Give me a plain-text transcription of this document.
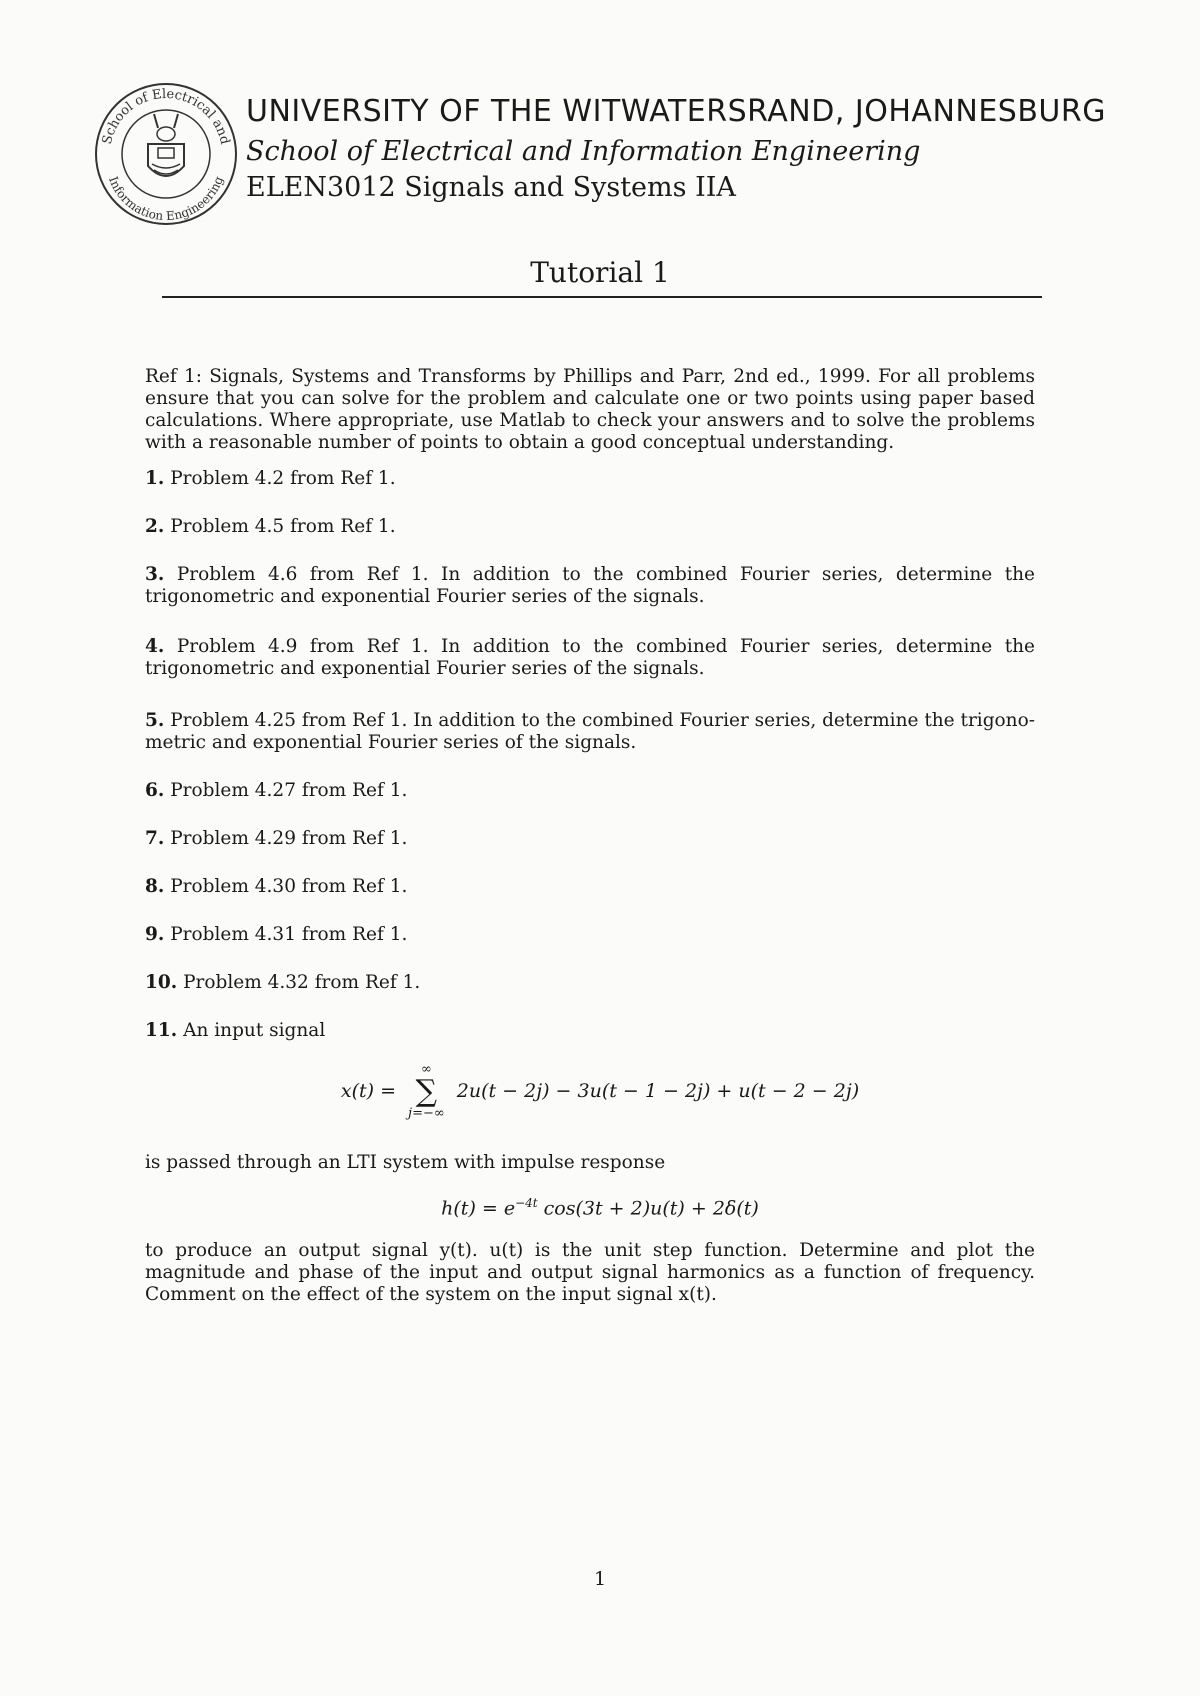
School of Electrical and
Information Engineering
UNIVERSITY OF THE WITWATERSRAND, JOHANNESBURG
School of Electrical and Information Engineering
ELEN3012 Signals and Systems IIA
Tutorial 1
Ref 1: Signals, Systems and Transforms by Phillips and Parr, 2nd ed., 1999. For all problems ensure that you can solve for the problem and calculate one or two points using paper based calculations. Where appropriate, use Matlab to check your answers and to solve the problems with a reasonable number of points to obtain a good conceptual understanding.
1. Problem 4.2 from Ref 1.
2. Problem 4.5 from Ref 1.
3. Problem 4.6 from Ref 1. In addition to the combined Fourier series, determine the trigonometric and exponential Fourier series of the signals.
4. Problem 4.9 from Ref 1. In addition to the combined Fourier series, determine the trigonometric and exponential Fourier series of the signals.
5. Problem 4.25 from Ref 1. In addition to the combined Fourier series, determine the trigono-metric and exponential Fourier series of the signals.
6. Problem 4.27 from Ref 1.
7. Problem 4.29 from Ref 1.
8. Problem 4.30 from Ref 1.
9. Problem 4.31 from Ref 1.
10. Problem 4.32 from Ref 1.
11. An input signal
x(t) =
∞
∑
j=−∞
2u(t − 2j) − 3u(t − 1 − 2j) + u(t − 2 − 2j)
is passed through an LTI system with impulse response
$h(t) = e^{-4t}$ cos(3t + 2)u(t) + 2δ(t)
to produce an output signal y(t). u(t) is the unit step function. Determine and plot the magnitude and phase of the input and output signal harmonics as a function of frequency. Comment on the effect of the system on the input signal x(t).
1
